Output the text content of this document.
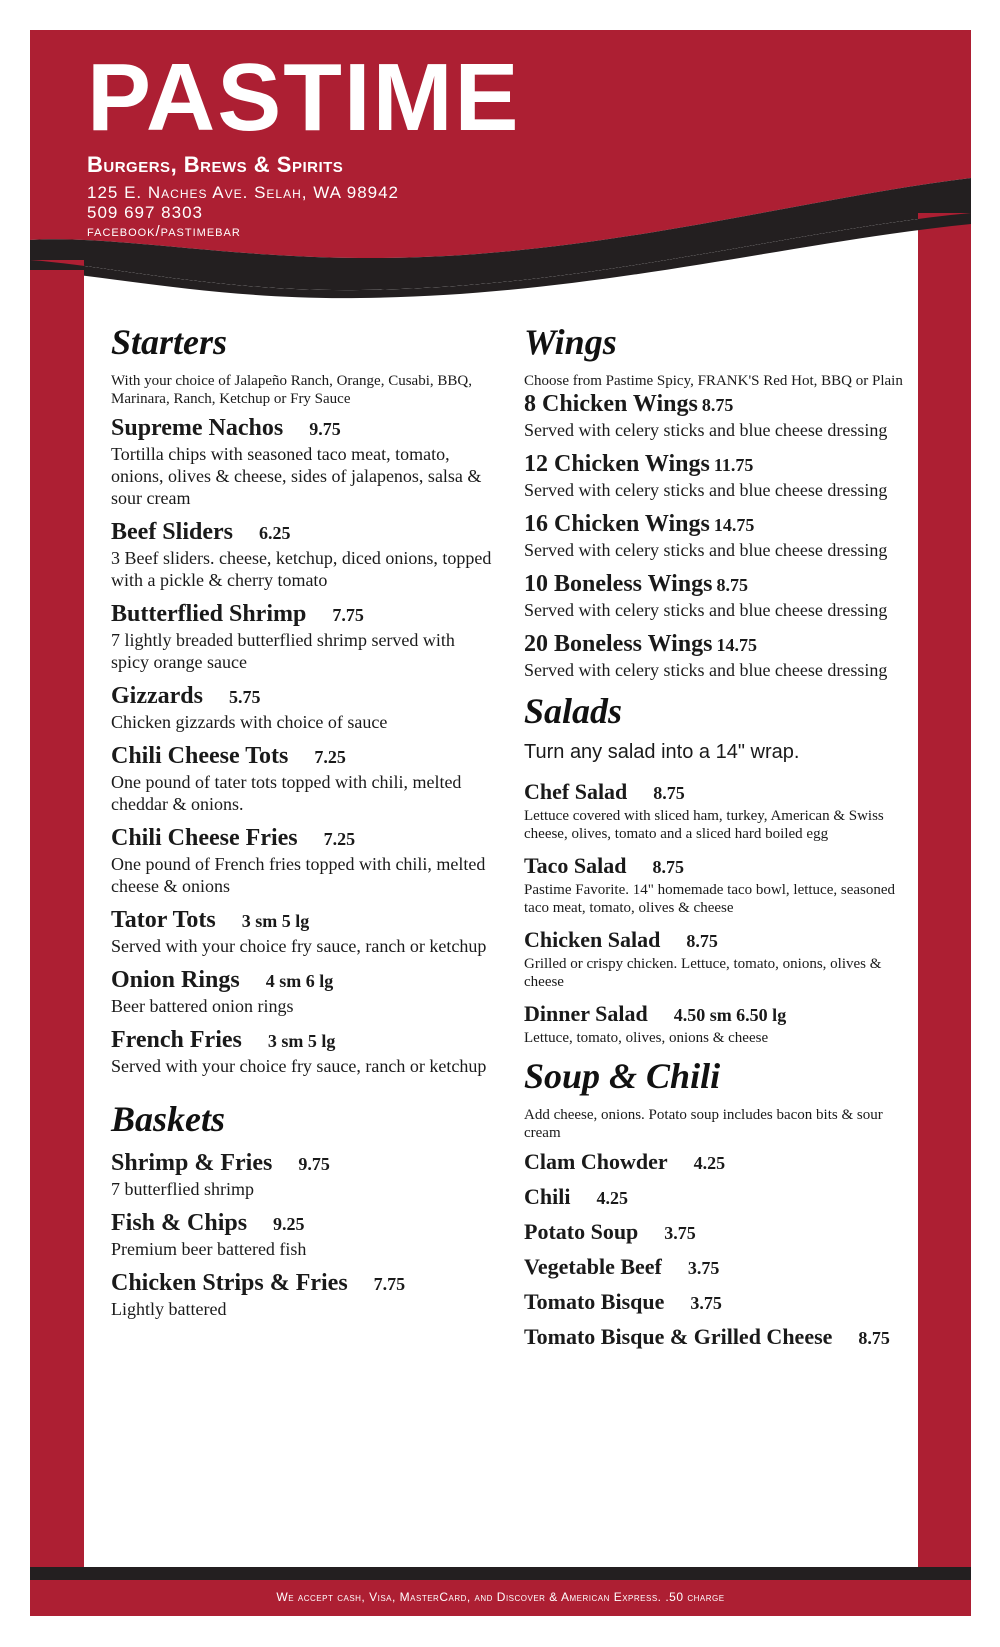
PASTIME
Burgers, Brews & Spirits
125 E. Naches Ave. Selah, WA 98942
509 697 8303
facebook/pastimebar
Starters
With your choice of Jalapeño Ranch, Orange, Cusabi, BBQ, Marinara, Ranch, Ketchup or Fry Sauce
Supreme Nachos 9.75
Tortilla chips with seasoned taco meat, tomato, onions, olives & cheese, sides of jalapenos, salsa & sour cream
Beef Sliders 6.25
3 Beef sliders. cheese, ketchup, diced onions, topped with a pickle & cherry tomato
Butterflied Shrimp 7.75
7 lightly breaded butterflied shrimp served with spicy orange sauce
Gizzards 5.75
Chicken gizzards with choice of sauce
Chili Cheese Tots 7.25
One pound of tater tots topped with chili, melted cheddar & onions.
Chili Cheese Fries 7.25
One pound of French fries topped with chili, melted cheese & onions
Tator Tots 3 sm 5 lg
Served with your choice fry sauce, ranch or ketchup
Onion Rings 4 sm 6 lg
Beer battered onion rings
French Fries 3 sm 5 lg
Served with your choice fry sauce, ranch or ketchup
Baskets
Shrimp & Fries 9.75
7 butterflied shrimp
Fish & Chips 9.25
Premium beer battered fish
Chicken Strips & Fries 7.75
Lightly battered
Wings
Choose from Pastime Spicy, FRANK'S Red Hot, BBQ or Plain
8 Chicken Wings 8.75
Served with celery sticks and blue cheese dressing
12 Chicken Wings 11.75
Served with celery sticks and blue cheese dressing
16 Chicken Wings 14.75
Served with celery sticks and blue cheese dressing
10 Boneless Wings 8.75
Served with celery sticks and blue cheese dressing
20 Boneless Wings 14.75
Served with celery sticks and blue cheese dressing
Salads
Turn any salad into a 14" wrap.
Chef Salad 8.75
Lettuce covered with sliced ham, turkey, American & Swiss cheese, olives, tomato and a sliced hard boiled egg
Taco Salad 8.75
Pastime Favorite. 14" homemade taco bowl, lettuce, seasoned taco meat, tomato, olives & cheese
Chicken Salad 8.75
Grilled or crispy chicken. Lettuce, tomato, onions, olives & cheese
Dinner Salad 4.50 sm 6.50 lg
Lettuce, tomato, olives, onions & cheese
Soup & Chili
Add cheese, onions. Potato soup includes bacon bits & sour cream
Clam Chowder 4.25
Chili 4.25
Potato Soup 3.75
Vegetable Beef 3.75
Tomato Bisque 3.75
Tomato Bisque & Grilled Cheese 8.75
We accept cash, Visa, MasterCard, and Discover & American Express. .50 charge
